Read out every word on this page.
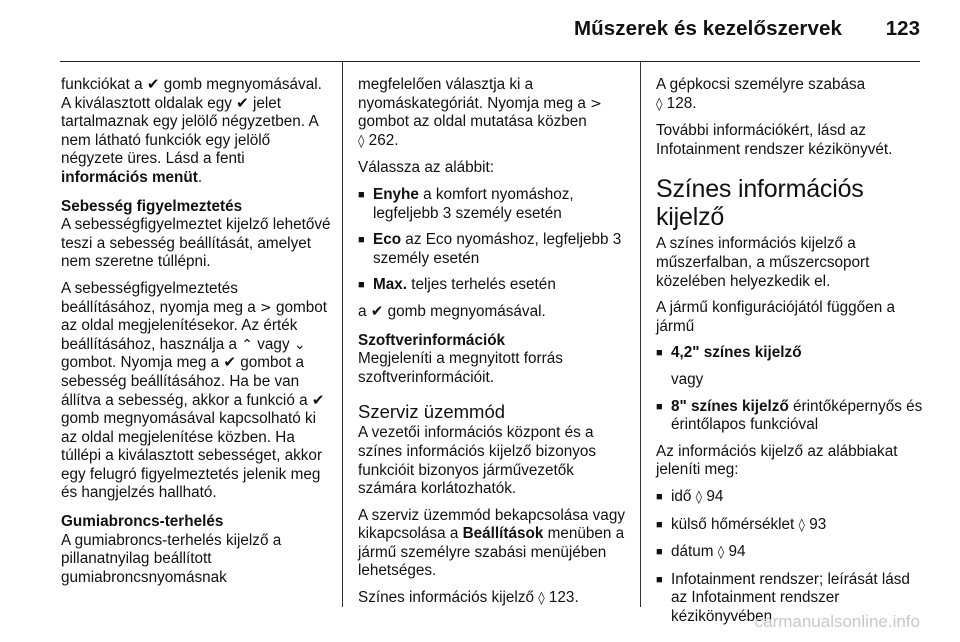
Műszerek és kezelőszervek 123

funkciókat a ✔ gomb megnyomásával. A kiválasztott oldalak egy ✔ jelet tartalmaznak egy jelölő négyzetben. A nem látható funkciók egy jelölő négyzete üres. Lásd a fenti információs menüt.

Sebesség figyelmeztetés
A sebességfigyelmeztet kijelző lehetővé teszi a sebesség beállítását, amelyet nem szeretne túllépni.

A sebességfigyelmeztetés beállításához, nyomja meg a > gombot az oldal megjelenítésekor. Az érték beállításához, használja a ⌃ vagy ⌄ gombot. Nyomja meg a ✔ gombot a sebesség beállításához. Ha be van állítva a sebesség, akkor a funkció a ✔ gomb megnyomásával kapcsolható ki az oldal megjelenítése közben. Ha túllépi a kiválasztott sebességet, akkor egy felugró figyelmeztetés jelenik meg és hangjelzés hallható.

Gumiabroncs-terhelés
A gumiabroncs-terhelés kijelző a pillanatnyilag beállított gumiabroncsnyomásnak

megfelelően választja ki a nyomáskategóriát. Nyomja meg a > gombot az oldal mutatása közben
◊ 262.

Válassza az alábbit:

■ Enyhe a komfort nyomáshoz, legfeljebb 3 személy esetén
■ Eco az Eco nyomáshoz, legfeljebb 3 személy esetén
■ Max. teljes terhelés esetén

a ✔ gomb megnyomásával.

Szoftverinformációk
Megjeleníti a megnyitott forrás szoftverinformációit.

Szerviz üzemmód

A vezetői információs központ és a színes információs kijelző bizonyos funkcióit bizonyos járművezetők számára korlátozhatók.

A szerviz üzemmód bekapcsolása vagy kikapcsolása a Beállítások menüben a jármű személyre szabási menüjében lehetséges.

Színes információs kijelző ◊ 123.

A gépkocsi személyre szabása
◊ 128.

További információkért, lásd az Infotainment rendszer kézikönyvét.

Színes információs kijelző

A színes információs kijelző a műszerfalban, a műszercsoport közelében helyezkedik el.

A jármű konfigurációjától függően a jármű

■ 4,2" színes kijelző
vagy
■ 8" színes kijelző érintőképernyős és érintőlapos funkcióval

Az információs kijelző az alábbiakat jeleníti meg:

■ idő ◊ 94
■ külső hőmérséklet ◊ 93
■ dátum ◊ 94
■ Infotainment rendszer; leírását lásd az Infotainment rendszer kézikönyvében
carmanualsonline.info
